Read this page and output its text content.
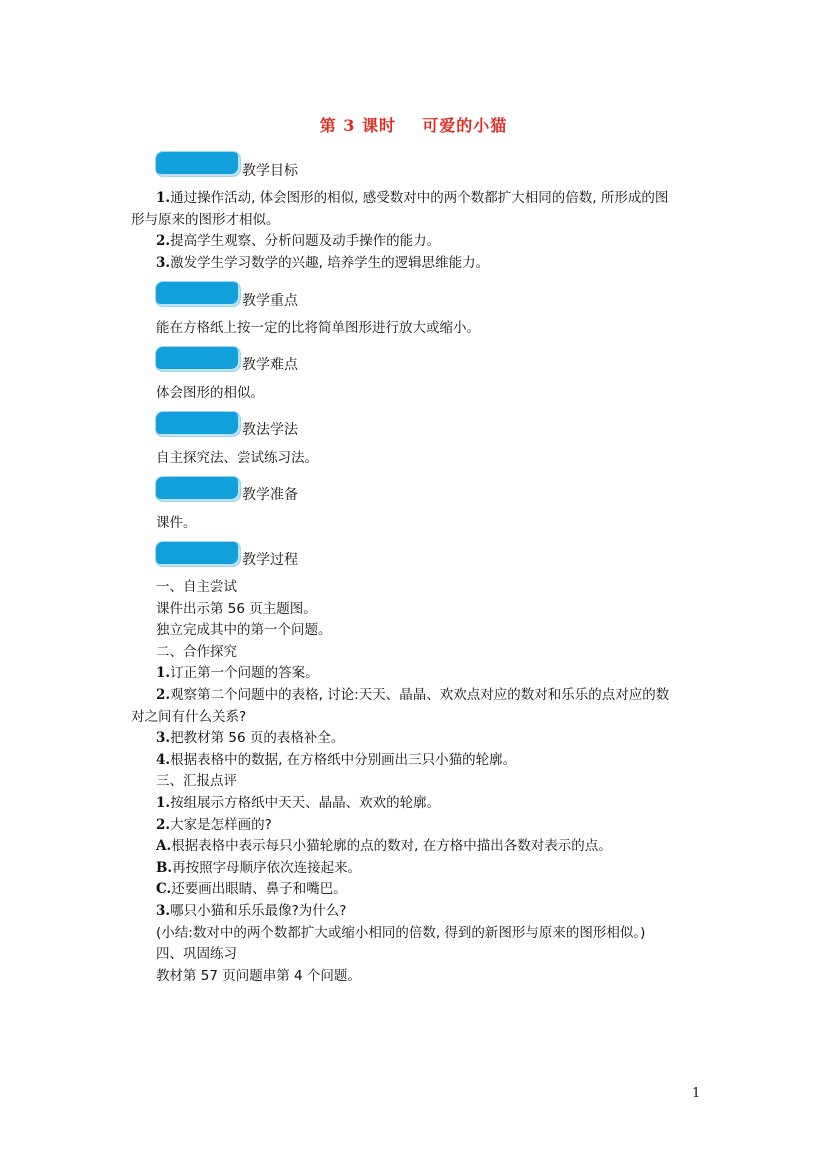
第 3 课时    可爱的小猫
教学目标
1.通过操作活动, 体会图形的相似, 感受数对中的两个数都扩大相同的倍数, 所形成的图
形与原来的图形才相似。
2.提高学生观察、分析问题及动手操作的能力。
3.激发学生学习数学的兴趣, 培养学生的逻辑思维能力。
教学重点
能在方格纸上按一定的比将简单图形进行放大或缩小。
教学难点
体会图形的相似。
教法学法
自主探究法、尝试练习法。
教学准备
课件。
教学过程
一、自主尝试
课件出示第 56 页主题图。
独立完成其中的第一个问题。
二、合作探究
1.订正第一个问题的答案。
2.观察第二个问题中的表格, 讨论:天天、晶晶、欢欢点对应的数对和乐乐的点对应的数
对之间有什么关系?
3.把教材第 56 页的表格补全。
4.根据表格中的数据, 在方格纸中分别画出三只小猫的轮廓。
三、汇报点评
1.按组展示方格纸中天天、晶晶、欢欢的轮廓。
2.大家是怎样画的?
A.根据表格中表示每只小猫轮廓的点的数对, 在方格中描出各数对表示的点。
B.再按照字母顺序依次连接起来。
C.还要画出眼睛、鼻子和嘴巴。
3.哪只小猫和乐乐最像?为什么?
(小结:数对中的两个数都扩大或缩小相同的倍数, 得到的新图形与原来的图形相似。)
四、巩固练习
教材第 57 页问题串第 4 个问题。
1
